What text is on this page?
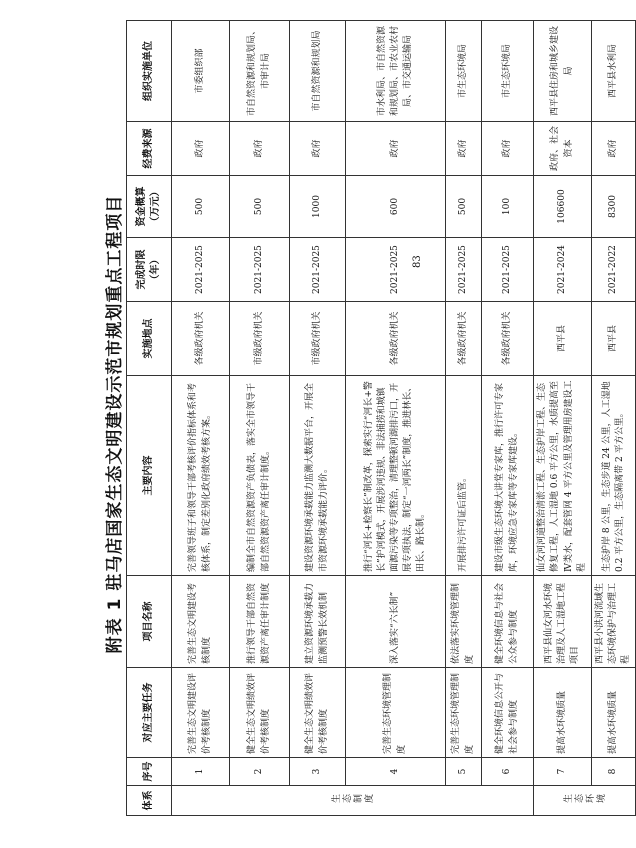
附表 1 驻马店国家生态文明建设示范市规划重点工程项目
体系	序号	对应主要任务	项目名称	主要内容	实施地点	完成时限（年）	资金概算（万元）	经费来源	组织实施单位
生态制度	1	完善生态文明建设评价考核制度	完善生态文明建设考核制度	完善领导班子和领导干部考核评价指标体系和考核体系，制定差别化政府绩效考核方案。	各级政府机关	2021-2025	500	政府	市委组织部
	2	健全生态文明绩效评价考核制度	推行领导干部自然资源资产离任审计制度	编制全市自然资源资产负债表，落实全市领导干部自然资源资产离任审计制度。	市级政府机关	2021-2025	500	政府	市自然资源和规划局、市审计局
	3	健全生态文明绩效评价考核制度	建立资源环境承载力监测预警长效机制	建设资源环境承载能力监测大数据平台，开展全市资源环境承载能力评价。	市级政府机关	2021-2025	1000	政府	市自然资源和规划局
	4	完善生态环境管理制度	深入落实“六长制”	推行“河长+检察长”制改革，探索实行“河长+警长”护河模式，开展涉河违规、非法捕捞和城镇面源污染等专项整治，清理整顿河湖排污口，开展专项执法，制定“一河两长”制度，推进林长、田长、路长制。	各级政府机关	2021-2025	600	政府	市水利局、市自然资源和规划局、市农业农村局、市交通运输局
	5	完善生态环境管理制度	依法落实环境管理制度	开展排污许可证后监管。	各级政府机关	2021-2025	500	政府	市生态环境局
	6	健全环境信息公开与社会参与制度	健全环境信息与社会公众参与制度	建设市级生态环境大讲堂专家库，推行许可专家库，环境应急专家库等专家库建设。	各级政府机关	2021-2025	100	政府	市生态环境局
生态环境	7	提高水环境质量	西平县仙女河水环境治理及人工湿地工程项目	仙女河河道整治清淤工程、生态护岸工程、生态修复工程，人工湿地 0.6 平方公里，水质提高至Ⅳ类水，配套管网 4 平方公里及管理用房建设工程	西平县	2021-2024	106600	政府、社会资本	西平县住房和城乡建设局
	8	提高水环境质量	西平县小洪河流域生态环境保护与治理工程	生态护岸 8 公里，生态步道 24 公里，人工湿地 0.2 平方公里，生态隔离带 2 平方公里。	西平县	2021-2022	8300	政府	西平县水利局
83
